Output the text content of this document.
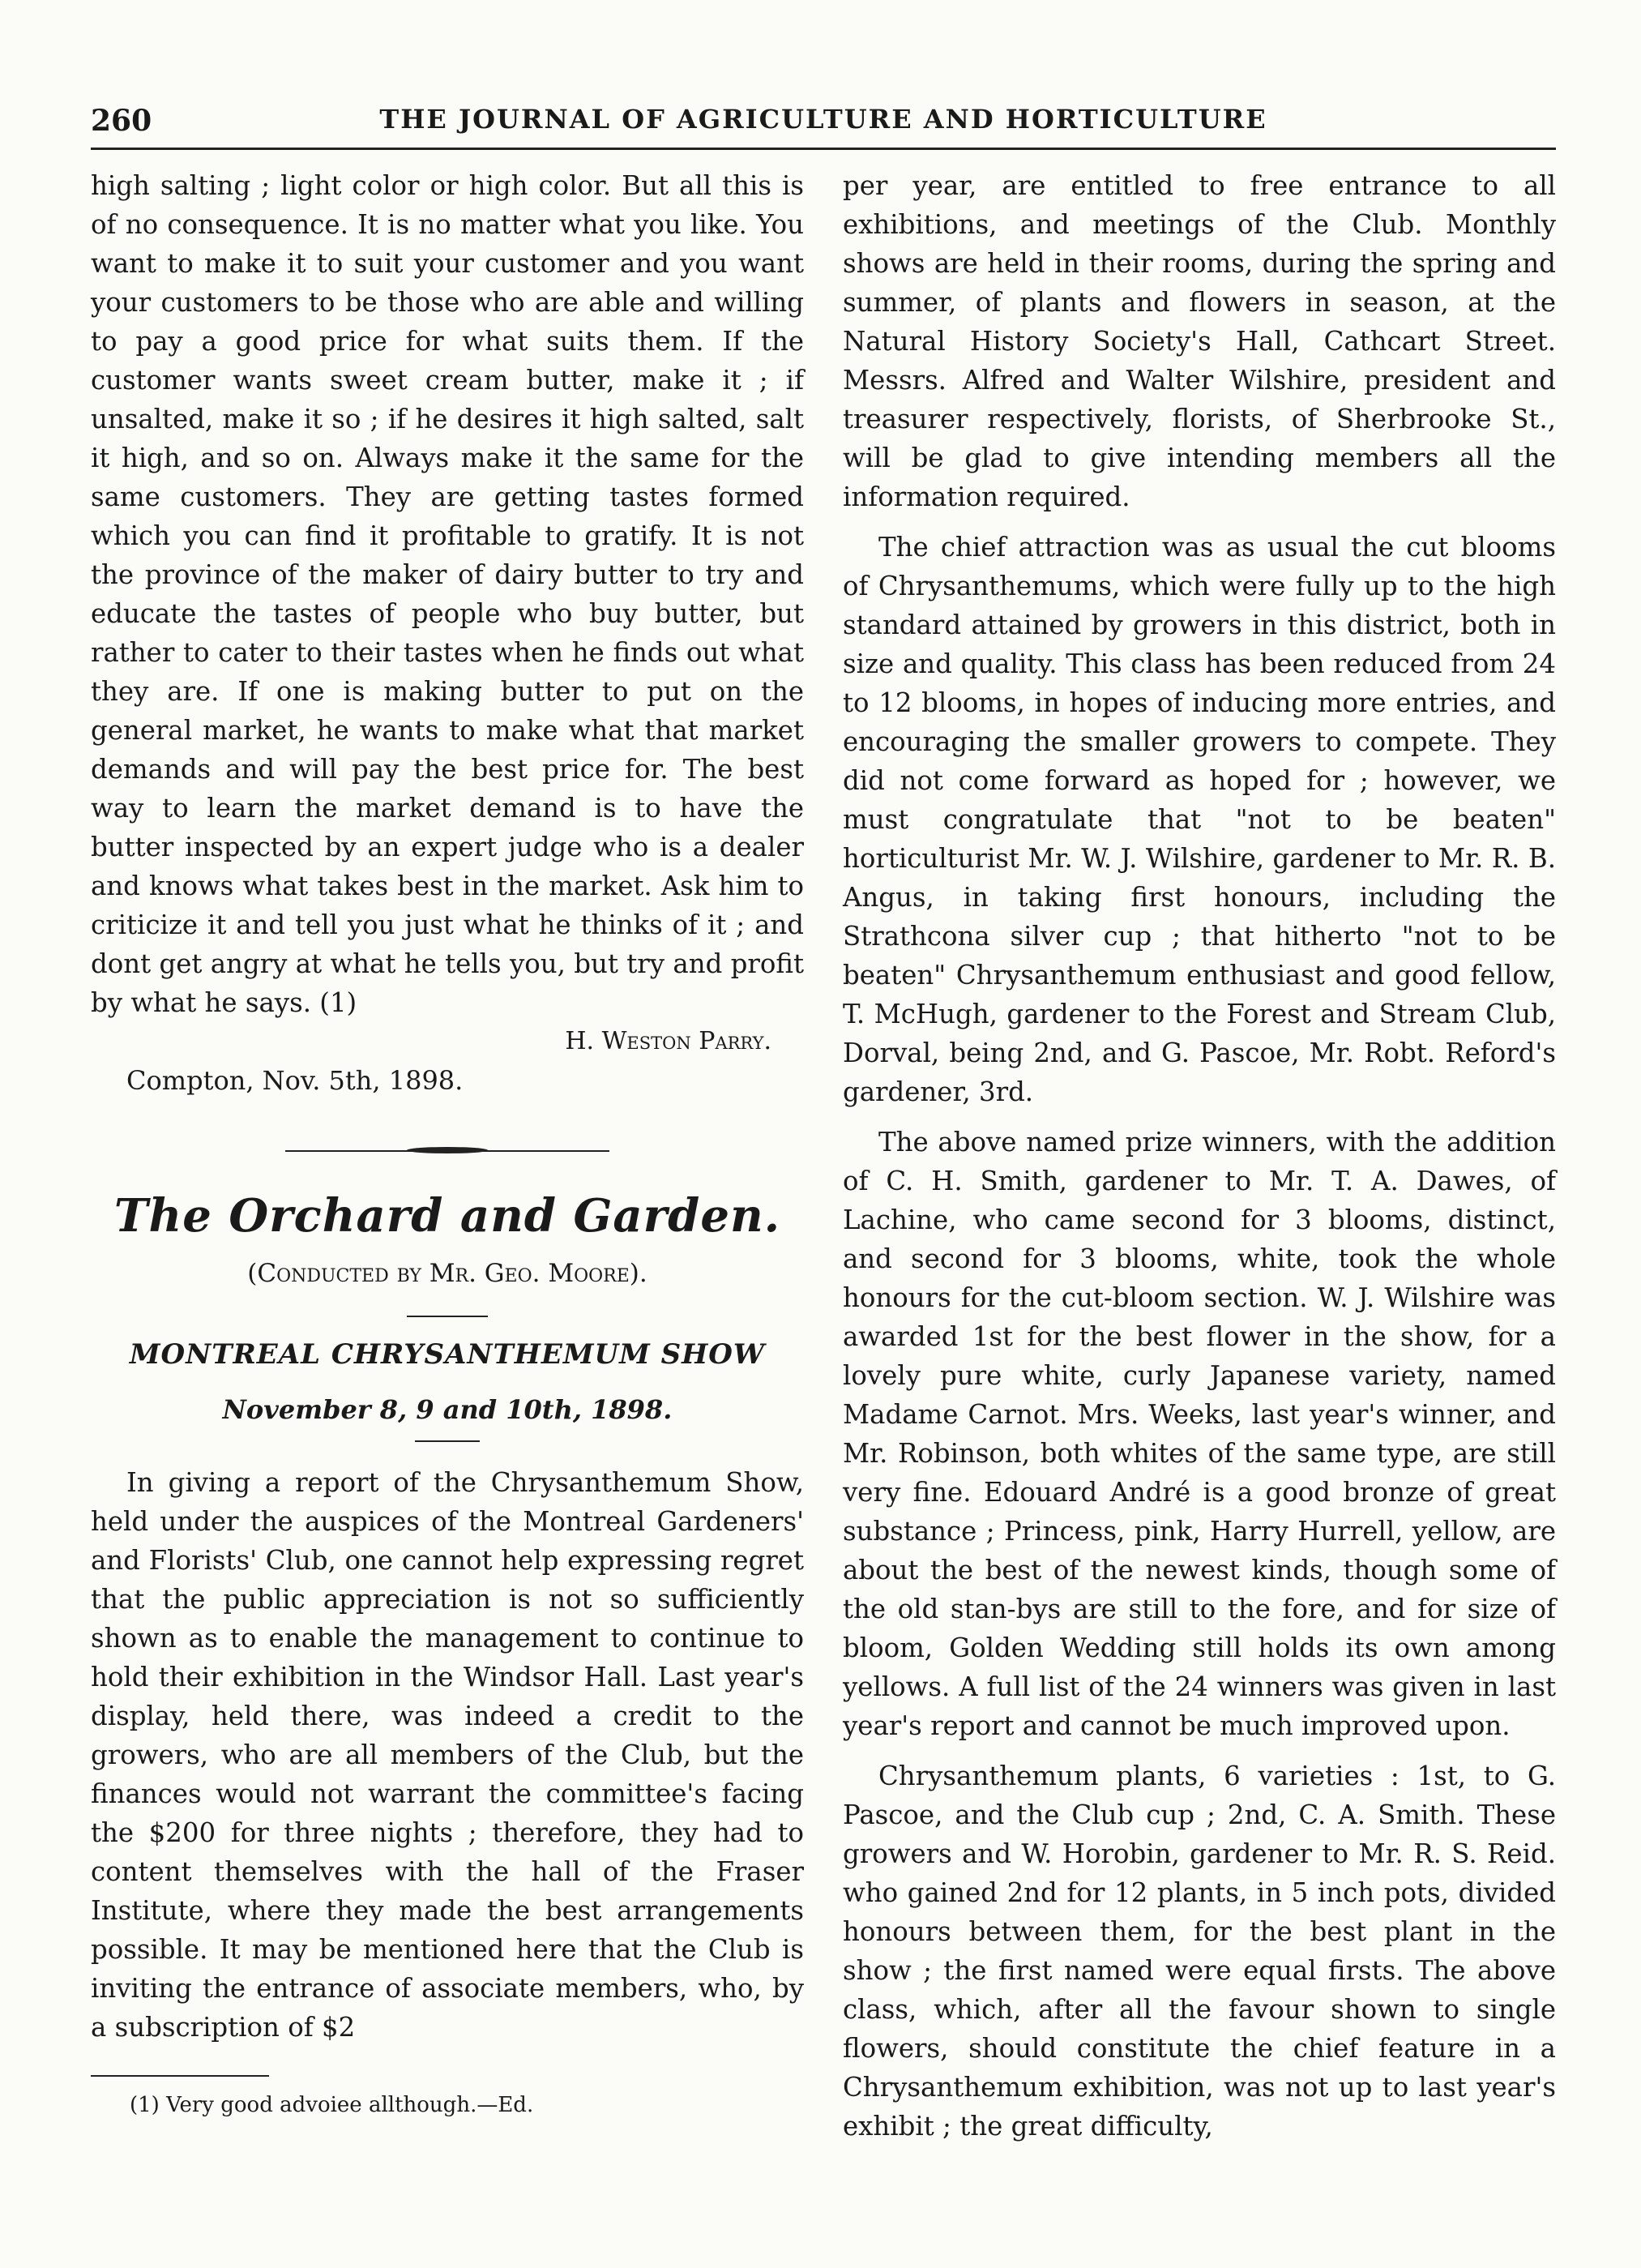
260	THE JOURNAL OF AGRICULTURE AND HORTICULTURE

high salting ; light color or high color. But all this is of no consequence. It is no matter what you like. You want to make it to suit your customer and you want your customers to be those who are able and willing to pay a good price for what suits them. If the customer wants sweet cream butter, make it ; if unsalted, make it so ; if he desires it high salted, salt it high, and so on. Always make it the same for the same customers. They are getting tastes formed which you can find it profitable to gratify. It is not the province of the maker of dairy butter to try and educate the tastes of people who buy butter, but rather to cater to their tastes when he finds out what they are. If one is making butter to put on the general market, he wants to make what that market demands and will pay the best price for. The best way to learn the market demand is to have the butter inspected by an expert judge who is a dealer and knows what takes best in the market. Ask him to criticize it and tell you just what he thinks of it ; and dont get angry at what he tells you, but try and profit by what he says. (1)

H. Weston Parry.
Compton, Nov. 5th, 1898.
The Orchard and Garden.
(Conducted by Mr. Geo. Moore).
MONTREAL CHRYSANTHEMUM SHOW
November 8, 9 and 10th, 1898.

In giving a report of the Chrysanthemum Show, held under the auspices of the Montreal Gardeners' and Florists' Club, one cannot help expressing regret that the public appreciation is not so sufficiently shown as to enable the management to continue to hold their exhibition in the Windsor Hall. Last year's display, held there, was indeed a credit to the growers, who are all members of the Club, but the finances would not warrant the committee's facing the $200 for three nights ; therefore, they had to content themselves with the hall of the Fraser Institute, where they made the best arrangements possible. It may be mentioned here that the Club is inviting the entrance of associate members, who, by a subscription of $2

per year, are entitled to free entrance to all exhibitions, and meetings of the Club. Monthly shows are held in their rooms, during the spring and summer, of plants and flowers in season, at the Natural History Society's Hall, Cathcart Street. Messrs. Alfred and Walter Wilshire, president and treasurer respectively, florists, of Sherbrooke St., will be glad to give intending members all the information required.

The chief attraction was as usual the cut blooms of Chrysanthemums, which were fully up to the high standard attained by growers in this district, both in size and quality. This class has been reduced from 24 to 12 blooms, in hopes of inducing more entries, and encouraging the smaller growers to compete. They did not come forward as hoped for ; however, we must congratulate that "not to be beaten" horticulturist Mr. W. J. Wilshire, gardener to Mr. R. B. Angus, in taking first honours, including the Strathcona silver cup ; that hitherto "not to be beaten" Chrysanthemum enthusiast and good fellow, T. McHugh, gardener to the Forest and Stream Club, Dorval, being 2nd, and G. Pascoe, Mr. Robt. Reford's gardener, 3rd.

The above named prize winners, with the addition of C. H. Smith, gardener to Mr. T. A. Dawes, of Lachine, who came second for 3 blooms, distinct, and second for 3 blooms, white, took the whole honours for the cut-bloom section. W. J. Wilshire was awarded 1st for the best flower in the show, for a lovely pure white, curly Japanese variety, named Madame Carnot. Mrs. Weeks, last year's winner, and Mr. Robinson, both whites of the same type, are still very fine. Edouard André is a good bronze of great substance ; Princess, pink, Harry Hurrell, yellow, are about the best of the newest kinds, though some of the old stan-bys are still to the fore, and for size of bloom, Golden Wedding still holds its own among yellows. A full list of the 24 winners was given in last year's report and cannot be much improved upon.

Chrysanthemum plants, 6 varieties : 1st, to G. Pascoe, and the Club cup ; 2nd, C. A. Smith. These growers and W. Horobin, gardener to Mr. R. S. Reid. who gained 2nd for 12 plants, in 5 inch pots, divided honours between them, for the best plant in the show ; the first named were equal firsts. The above class, which, after all the favour shown to single flowers, should constitute the chief feature in a Chrysanthemum exhibition, was not up to last year's exhibit ; the great difficulty,

(1) Very good advoiee allthough.—Ed.
